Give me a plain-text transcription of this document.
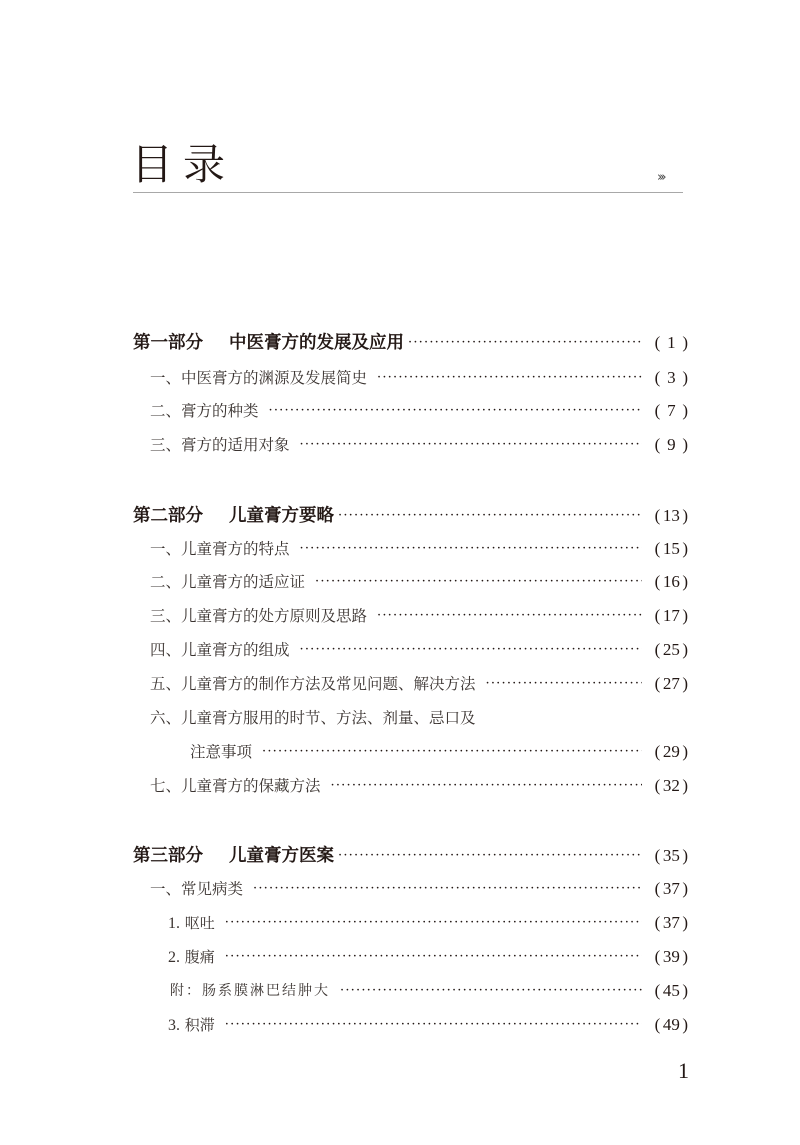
目录	›››
第一部分 中医膏方的发展及应用 ·····	( 1 )
一、中医膏方的渊源及发展简史 ·····	( 3 )
二、膏方的种类 ·····	( 7 )
三、膏方的适用对象 ·····	( 9 )
第二部分 儿童膏方要略 ·····	( 13 )
一、儿童膏方的特点 ·····	( 15 )
二、儿童膏方的适应证 ·····	( 16 )
三、儿童膏方的处方原则及思路 ·····	( 17 )
四、儿童膏方的组成 ·····	( 25 )
五、儿童膏方的制作方法及常见问题、解决方法 ·····	( 27 )
六、儿童膏方服用的时节、方法、剂量、忌口及
注意事项 ·····	( 29 )
七、儿童膏方的保藏方法 ·····	( 32 )
第三部分 儿童膏方医案 ·····	( 35 )
一、常见病类 ·····	( 37 )
1. 呕吐 ·····	( 37 )
2. 腹痛 ·····	( 39 )
附：肠系膜淋巴结肿大 ·····	( 45 )
3. 积滞 ·····	( 49 )
1
